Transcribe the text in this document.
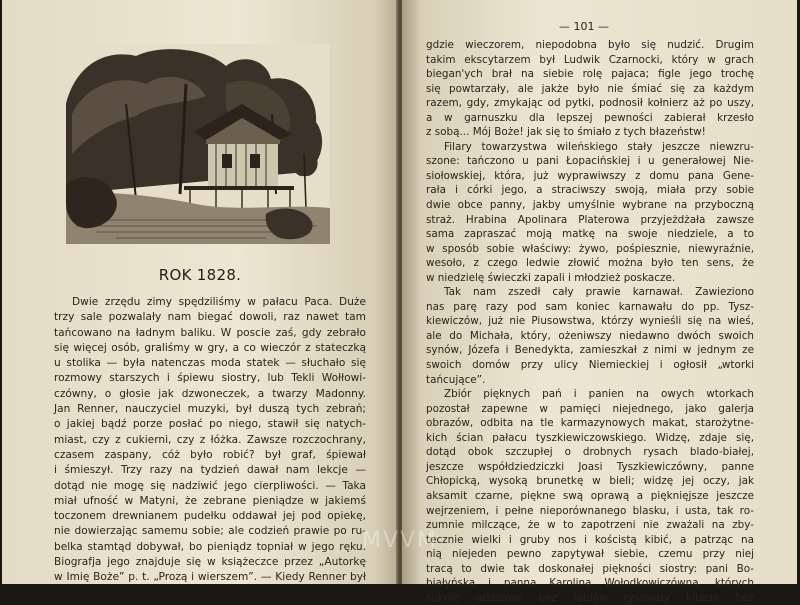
ROK 1828.
Dwie zrzędu zimy spędziliśmy w pałacu Paca. Duże
trzy sale pozwalały nam biegać dowoli, raz nawet tam
tańcowano na ładnym baliku. W poscie zaś, gdy zebrało
się więcej osób, graliśmy w gry, a co wieczór z stateczką
u stolika — była natenczas moda statek — słuchało się
rozmowy starszych i śpiewu siostry, lub Tekli Wołłowi-
czówny, o głosie jak dzwoneczek, a twarzy Madonny.
Jan Renner, nauczyciel muzyki, był duszą tych zebrań;
o jakiej bądź porze posłać po niego, stawił się natych-
miast, czy z cukierni, czy z łóżka. Zawsze rozczochrany,
czasem zaspany, cóż było robić? był graf, śpiewał
i śmieszył. Trzy razy na tydzień dawał nam lekcje —
dotąd nie mogę się nadziwić jego cierpliwości. — Taka
miał ufność w Matyni, że zebrane pieniądze w jakiemś
toczonem drewnianem pudełku oddawał jej pod opiekę,
nie dowierzając samemu sobie; ale codzień prawie po ru-
belka stamtąd dobywał, bo pieniądz topniał w jego ręku.
Biografja jego znajduje się w książeczce przez „Autorkę
w Imię Boże” p. t. „Prozą i wierszem”. — Kiedy Renner był
— 101 —
gdzie wieczorem, niepodobna było się nudzić. Drugim
takim ekscytarzem był Ludwik Czarnocki, który w grach
biegan'ych brał na siebie rolę pajaca; figle jego trochę
się powtarzały, ale jakże było nie śmiać się za każdym
razem, gdy, zmykając od pytki, podnosił kołnierz aż po uszy,
a w garnuszku dla lepszej pewności zabierał krzesło
z sobą... Mój Boże! jak się to śmiało z tych błazeństw!
Filary towarzystwa wileńskiego stały jeszcze niewzru-
szone: tańczono u pani Łopacińskiej i u generałowej Nie-
siołowskiej, która, już wyprawiwszy z domu pana Gene-
rała i córki jego, a straciwszy swoją, miała przy sobie
dwie obce panny, jakby umyślnie wybrane na przyboczną
straż. Hrabina Apolinara Platerowa przyjeżdżała zawsze
sama zapraszać moją matkę na swoje niedziele, a to
w sposób sobie właściwy: żywo, pośpiesznie, niewyraźnie,
wesoło, z czego ledwie złowić można było ten sens, że
w niedzielę świeczki zapali i młodzież poskacze.
Tak nam zszedł cały prawie karnawał. Zawieziono
nas parę razy pod sam koniec karnawału do pp. Tysz-
kiewiczów, już nie Piusowstwa, którzy wynieśli się na wieś,
ale do Michała, który, ożeniwszy niedawno dwóch swoich
synów, Józefa i Benedykta, zamieszkał z nimi w jednym ze
swoich domów przy ulicy Niemieckiej i ogłosił „wtorki
tańcujące”.
Zbiór pięknych pań i panien na owych wtorkach
pozostał zapewne w pamięci niejednego, jako galerja
obrazów, odbita na tle karmazynowych makat, starożytne-
kich ścian pałacu tyszkiewiczowskiego. Widzę, zdaje się,
dotąd obok szczupłej o drobnych rysach blado-białej,
jeszcze współdziedziczki Joasi Tyszkiewiczówny, panne
Chłopicką, wysoką brunetkę w bieli; widzę jej oczy, jak
aksamit czarne, piękne swą oprawą a pięknięjsze jeszcze
wejrzeniem, i pełne nieporównanego blasku, i usta, tak ro-
zumnie milczące, że w to zapotrzeni nie zważali na zby-
tecznie wielki i gruby nos i kościstą kibić, a patrząc na
nią niejeden pewno zapytywał siebie, czemu przy niej
tracą to dwie tak doskonałej piękności siostry: pani Bo-
białyńska i panna Karolina Wołodkowiczówna, których
suknie atłasowe bez fałdów rysowały kibicie bez
MVVM
